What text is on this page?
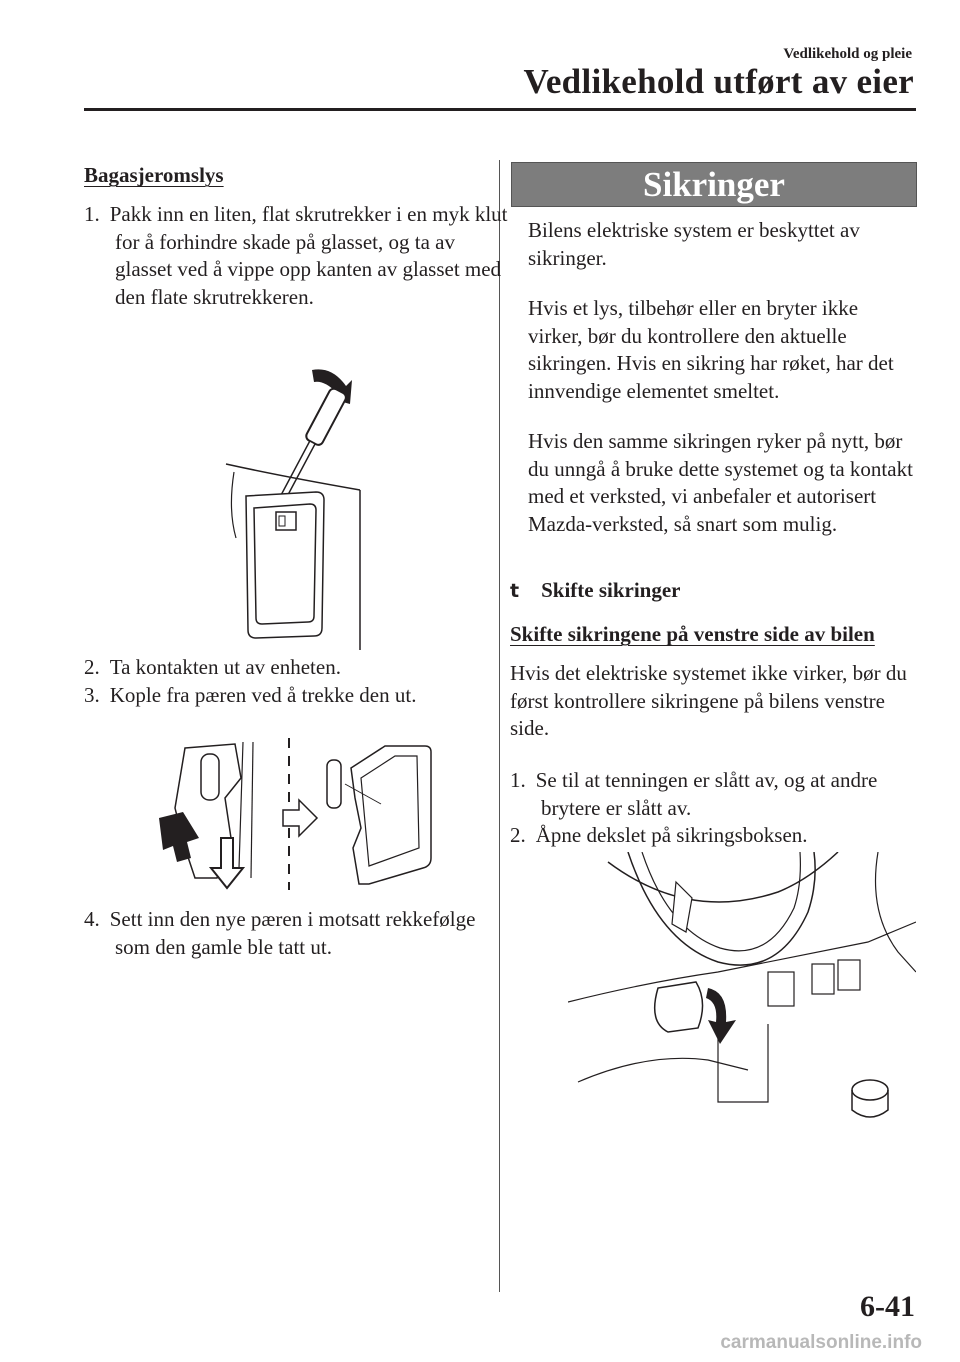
Vedlikehold og pleie
Vedlikehold utført av eier
Bagasjeromslys
1. Pakk inn en liten, flat skrutrekker i en myk klut for å forhindre skade på glasset, og ta av glasset ved å vippe opp kanten av glasset med den flate skrutrekkeren.
2. Ta kontakten ut av enheten.
3. Kople fra pæren ved å trekke den ut.
4. Sett inn den nye pæren i motsatt rekkefølge som den gamle ble tatt ut.
Sikringer
Bilens elektriske system er beskyttet av sikringer.
Hvis et lys, tilbehør eller en bryter ikke virker, bør du kontrollere den aktuelle sikringen. Hvis en sikring har røket, har det innvendige elementet smeltet.
Hvis den samme sikringen ryker på nytt, bør du unngå å bruke dette systemet og ta kontakt med et verksted, vi anbefaler et autorisert Mazda-verksted, så snart som mulig.
t Skifte sikringer
Skifte sikringene på venstre side av bilen
Hvis det elektriske systemet ikke virker, bør du først kontrollere sikringene på bilens venstre side.
1. Se til at tenningen er slått av, og at andre brytere er slått av.
2. Åpne dekslet på sikringsboksen.
6-41
carmanualsonline.info
